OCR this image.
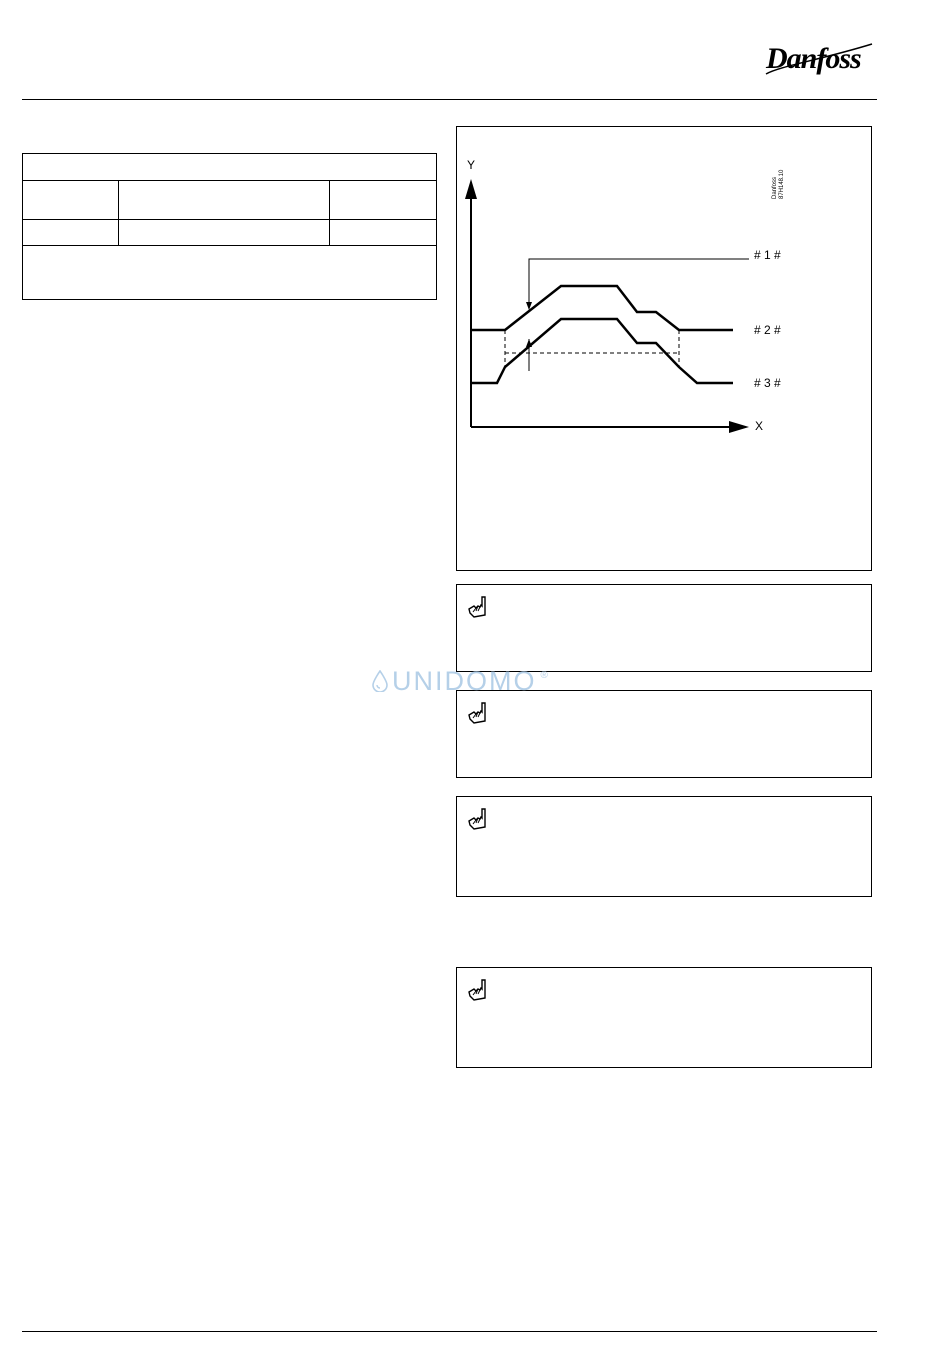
Danfoss
Y
X
# 1 #
# 2 #
# 3 #
Danfoss 87H148.10
UNIDOMO ®
